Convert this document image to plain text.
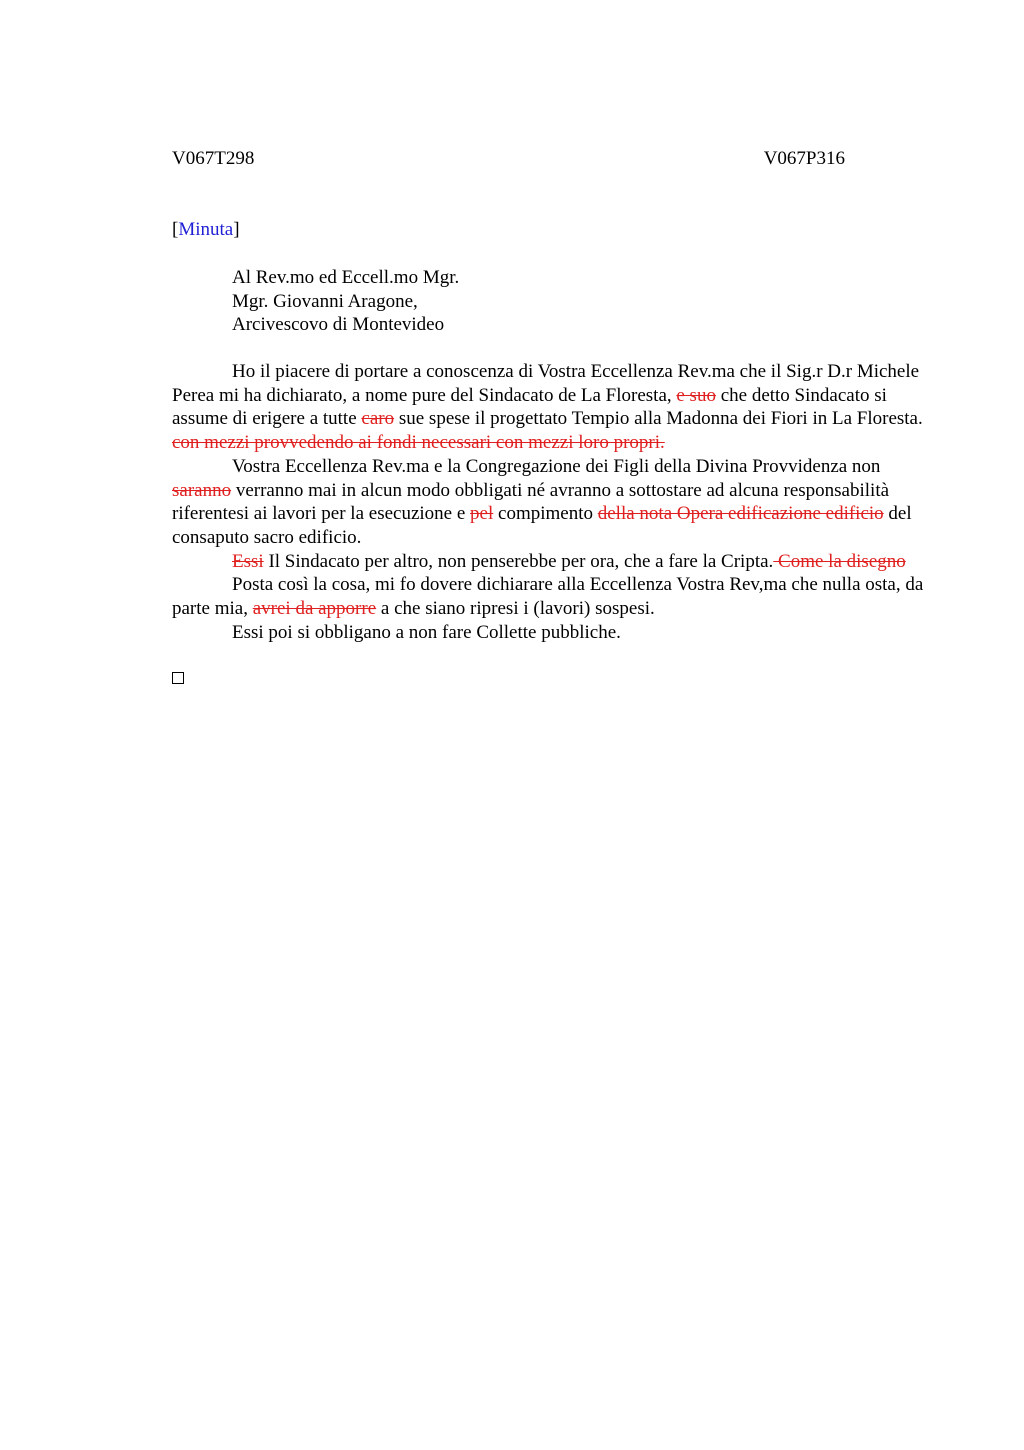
V067T298	V067P316
[Minuta]
Al Rev.mo ed Eccell.mo Mgr.
Mgr. Giovanni Aragone,
Arcivescovo di Montevideo

Ho il piacere di portare a conoscenza di Vostra Eccellenza Rev.ma che il Sig.r D.r Michele Perea mi ha dichiarato, a nome pure del Sindacato de La Floresta, e suo che detto Sindacato si assume di erigere a tutte caro sue spese il progettato Tempio alla Madonna dei Fiori in La Floresta. con mezzi provvedendo ai fondi necessari con mezzi loro propri.

Vostra Eccellenza Rev.ma e la Congregazione dei Figli della Divina Provvidenza non saranno verranno mai in alcun modo obbligati né avranno a sottostare ad alcuna responsabilità riferentesi ai lavori per la esecuzione e pel compimento della nota Opera edificazione edificio del consaputo sacro edificio.

Essi Il Sindacato per altro, non penserebbe per ora, che a fare la Cripta. Come la disegno

Posta così la cosa, mi fo dovere dichiarare alla Eccellenza Vostra Rev,ma che nulla osta, da parte mia, avrei da apporre a che siano ripresi i (lavori) sospesi.

Essi poi si obbligano a non fare Collette pubbliche.
